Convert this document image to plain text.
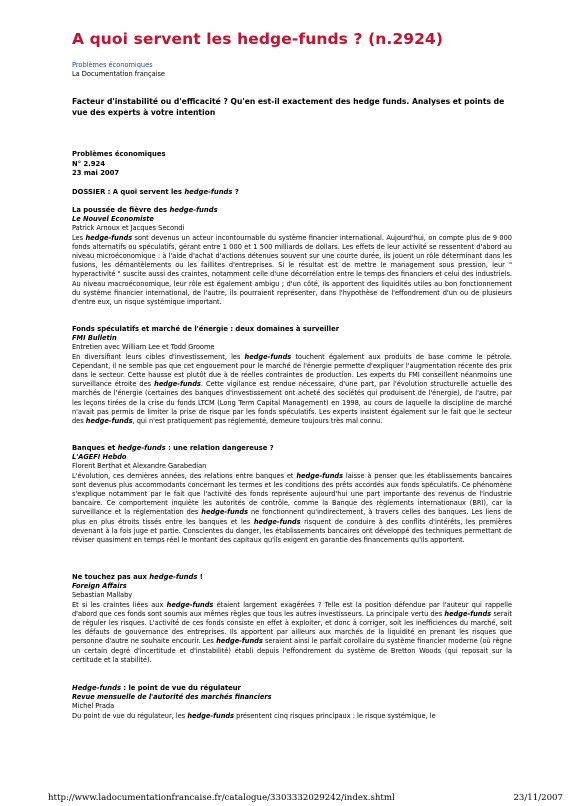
A quoi servent les hedge-funds ? (n.2924)
Problèmes économiques
La Documentation française
Facteur d'instabilité ou d'efficacité ? Qu'en est-il exactement des hedge funds. Analyses et points de vue des experts à votre intention
Problèmes économiques
N° 2.924
23 mai 2007
DOSSIER : A quoi servent les hedge-funds ?
La poussée de fièvre des hedge-funds
Le Nouvel Economiste
Patrick Arnoux et Jacques Secondi
Les hedge-funds sont devenus un acteur incontournable du système financier international. Aujourd'hui, on compte plus de 9 000 fonds alternatifs ou spéculatifs, gérant entre 1 000 et 1 500 milliards de dollars. Les effets de leur activité se ressentent d'abord au niveau microéconomique : à l'aide d'achat d'actions détenues souvent sur une courte durée, ils jouent un rôle déterminant dans les fusions, les démantèlements ou les faillites d'entreprises. Si le résultat est de mettre le management sous pression, leur " hyperactivité " suscite aussi des craintes, notamment celle d'une décorrélation entre le temps des financiers et celui des industriels. Au niveau macroéconomique, leur rôle est également ambigu ; d'un côté, ils apportent des liquidités utiles au bon fonctionnement du système financier international, de l'autre, ils pourraient représenter, dans l'hypothèse de l'effondrement d'un ou de plusieurs d'entre eux, un risque systémique important.
Fonds spéculatifs et marché de l'énergie : deux domaines à surveiller
FMI Bulletin
Entretien avec William Lee et Todd Groome
En diversifiant leurs cibles d'investissement, les hedge-funds touchent également aux produits de base comme le pétrole. Cependant, il ne semble pas que cet engouement pour le marché de l'énergie permette d'expliquer l'augmentation récente des prix dans le secteur. Cette hausse est plutôt due à de réelles contraintes de production. Les experts du FMI conseillent néanmoins une surveillance étroite des hedge-funds. Cette vigilance est rendue nécessaire, d'une part, par l'évolution structurelle actuelle des marchés de l'énergie (certaines des banques d'investissement ont acheté des sociétés qui produisent de l'énergie), de l'autre, par les leçons tirées de la crise du fonds LTCM (Long Term Capital Management) en 1998, au cours de laquelle la discipline de marché n'avait pas permis de limiter la prise de risque par les fonds spéculatifs. Les experts insistent également sur le fait que le secteur des hedge-funds, qui n'est pratiquement pas réglementé, demeure toujours très mal connu.
Banques et hedge-funds : une relation dangereuse ?
L'AGEFI Hebdo
Florent Berthat et Alexandre Garabedian
L'évolution, ces dernières années, des relations entre banques et hedge-funds laisse à penser que les établissements bancaires sont devenus plus accommodants concernant les termes et les conditions des prêts accordés aux fonds spéculatifs. Ce phénomène s'explique notamment par le fait que l'activité des fonds représente aujourd'hui une part importante des revenus de l'industrie bancaire. Ce comportement inquiète les autorités de contrôle, comme la Banque des règlements internationaux (BRI), car la surveillance et la réglementation des hedge-funds ne fonctionnent qu'indirectement, à travers celles des banques. Les liens de plus en plus étroits tissés entre les banques et les hedge-funds risquent de conduire à des conflits d'intérêts, les premières devenant à la fois juge et partie. Conscientes du danger, les établissements bancaires ont développé des techniques permettant de réviser quasiment en temps réel le montant des capitaux qu'ils exigent en garantie des financements qu'ils apportent.
Ne touchez pas aux hedge-funds !
Foreign Affairs
Sebastian Mallaby
Et si les craintes liées aux hedge-funds étaient largement exagérées ? Telle est la position défendue par l'auteur qui rappelle d'abord que ces fonds sont soumis aux mêmes règles que tous les autres investisseurs. La principale vertu des hedge-funds serait de réguler les risques. L'activité de ces fonds consiste en effet à exploiter, et donc à corriger, soit les inefficiences du marché, soit les défauts de gouvernance des entreprises. Ils apportent par ailleurs aux marchés de la liquidité en prenant les risques que personne d'autre ne souhaite encourir. Les hedge-funds seraient ainsi le parfait corollaire du système financier moderne (où règne un certain degré d'incertitude et d'instabilité) établi depuis l'effondrement du système de Bretton Woods (qui reposait sur la certitude et la stabilité).
Hedge-funds : le point de vue du régulateur
Revue mensuelle de l'autorité des marchés financiers
Michel Prada
Du point de vue du régulateur, les hedge-funds présentent cinq risques principaux : le risque systémique, le
http://www.ladocumentationfrancaise.fr/catalogue/3303332029242/index.shtml	23/11/2007
